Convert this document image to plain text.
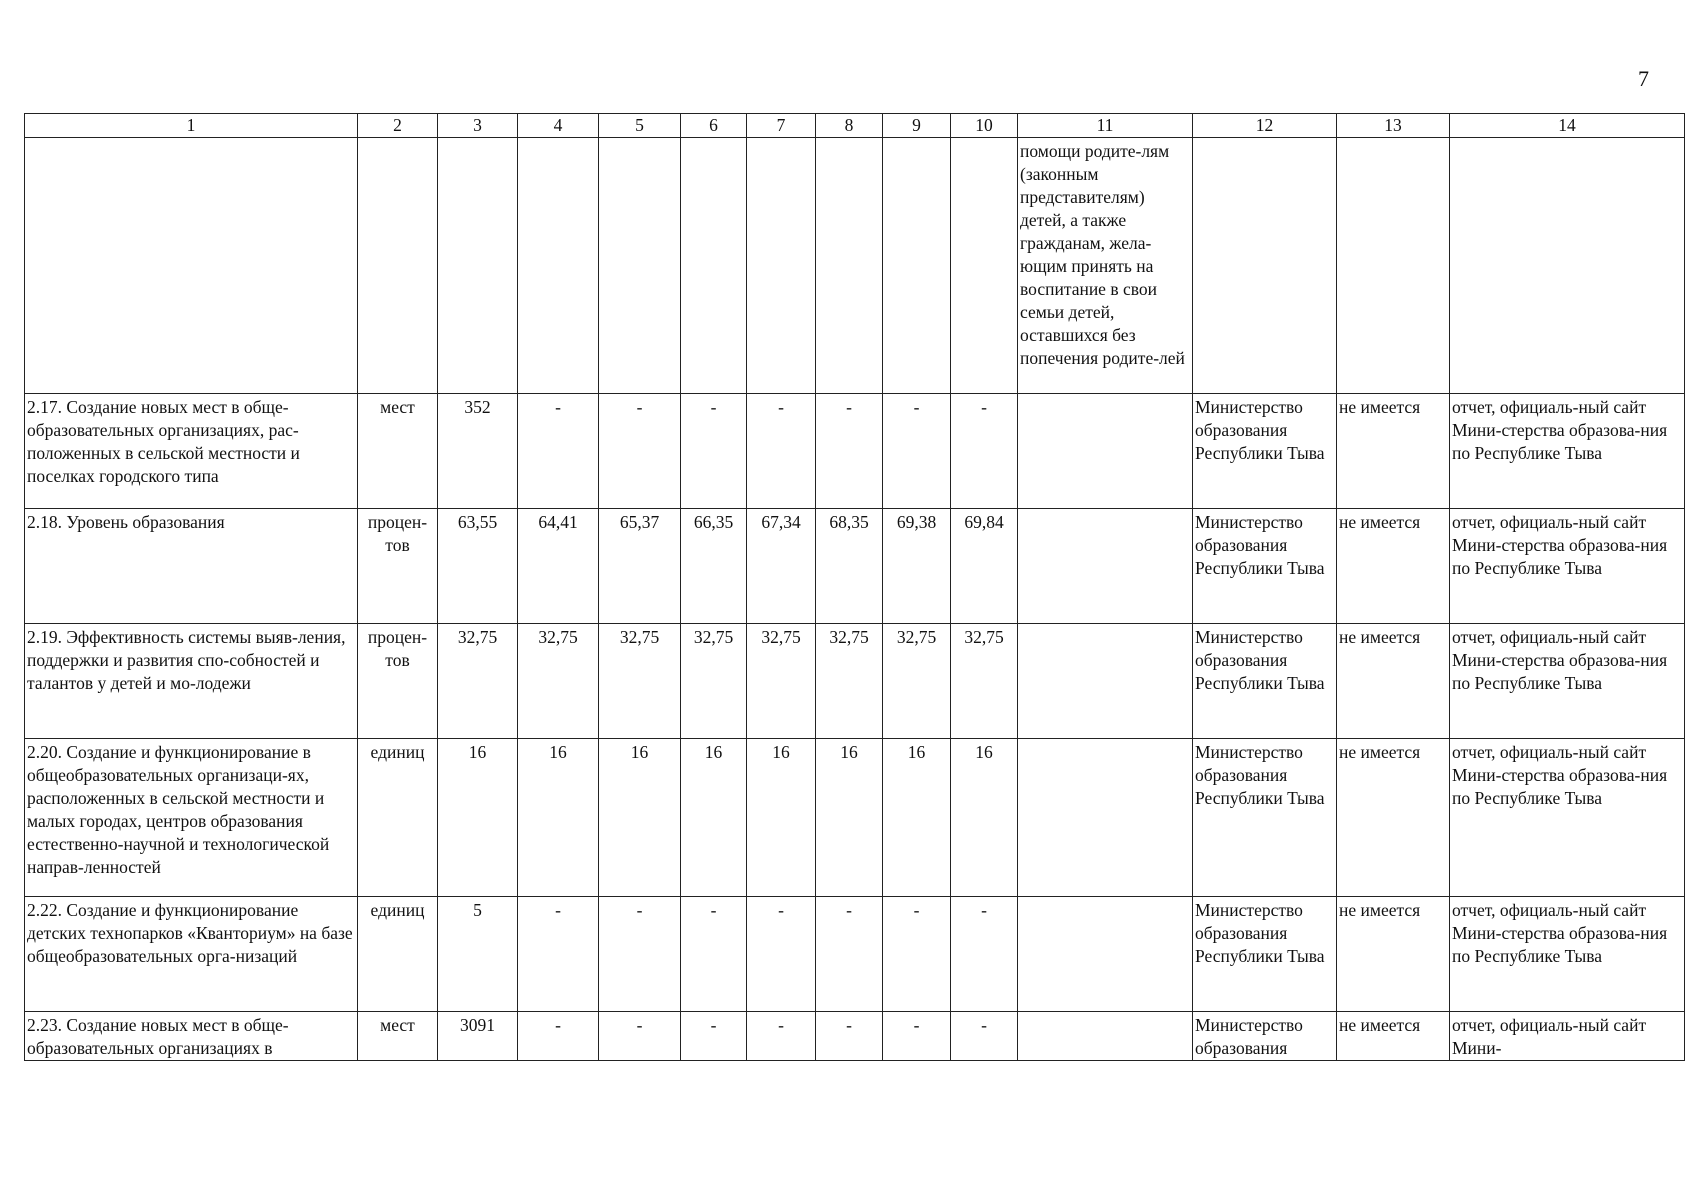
7
1	2	3	4	5	6	7	8	9	10	11	12	13	14
										помощи родите-лям (законным представителям) детей, а также гражданам, жела-ющим принять на воспитание в свои семьи детей, оставшихся без попечения родите-лей			
2.17. Создание новых мест в обще-образовательных организациях, рас-положенных в сельской местности и поселках городского типа	мест	352	-	-	-	-	-	-	-		Министерство образования Республики Тыва	не имеется	отчет, официаль-ный сайт Мини-стерства образова-ния по Республике Тыва
2.18. Уровень образования	процен-тов	63,55	64,41	65,37	66,35	67,34	68,35	69,38	69,84		Министерство образования Республики Тыва	не имеется	отчет, официаль-ный сайт Мини-стерства образова-ния по Республике Тыва
2.19. Эффективность системы выяв-ления, поддержки и развития спо-собностей и талантов у детей и мо-лодежи	процен-тов	32,75	32,75	32,75	32,75	32,75	32,75	32,75	32,75		Министерство образования Республики Тыва	не имеется	отчет, официаль-ный сайт Мини-стерства образова-ния по Республике Тыва
2.20. Создание и функционирование в общеобразовательных организаци-ях, расположенных в сельской местности и малых городах, центров образования естественно-научной и технологической направ-ленностей	единиц	16	16	16	16	16	16	16	16		Министерство образования Республики Тыва	не имеется	отчет, официаль-ный сайт Мини-стерства образова-ния по Республике Тыва
2.22. Создание и функционирование детских технопарков «Кванториум» на базе общеобразовательных орга-низаций	единиц	5	-	-	-	-	-	-	-		Министерство образования Республики Тыва	не имеется	отчет, официаль-ный сайт Мини-стерства образова-ния по Республике Тыва
2.23. Создание новых мест в обще-образовательных организациях в	мест	3091	-	-	-	-	-	-	-		Министерство образования	не имеется	отчет, официаль-ный сайт Мини-
